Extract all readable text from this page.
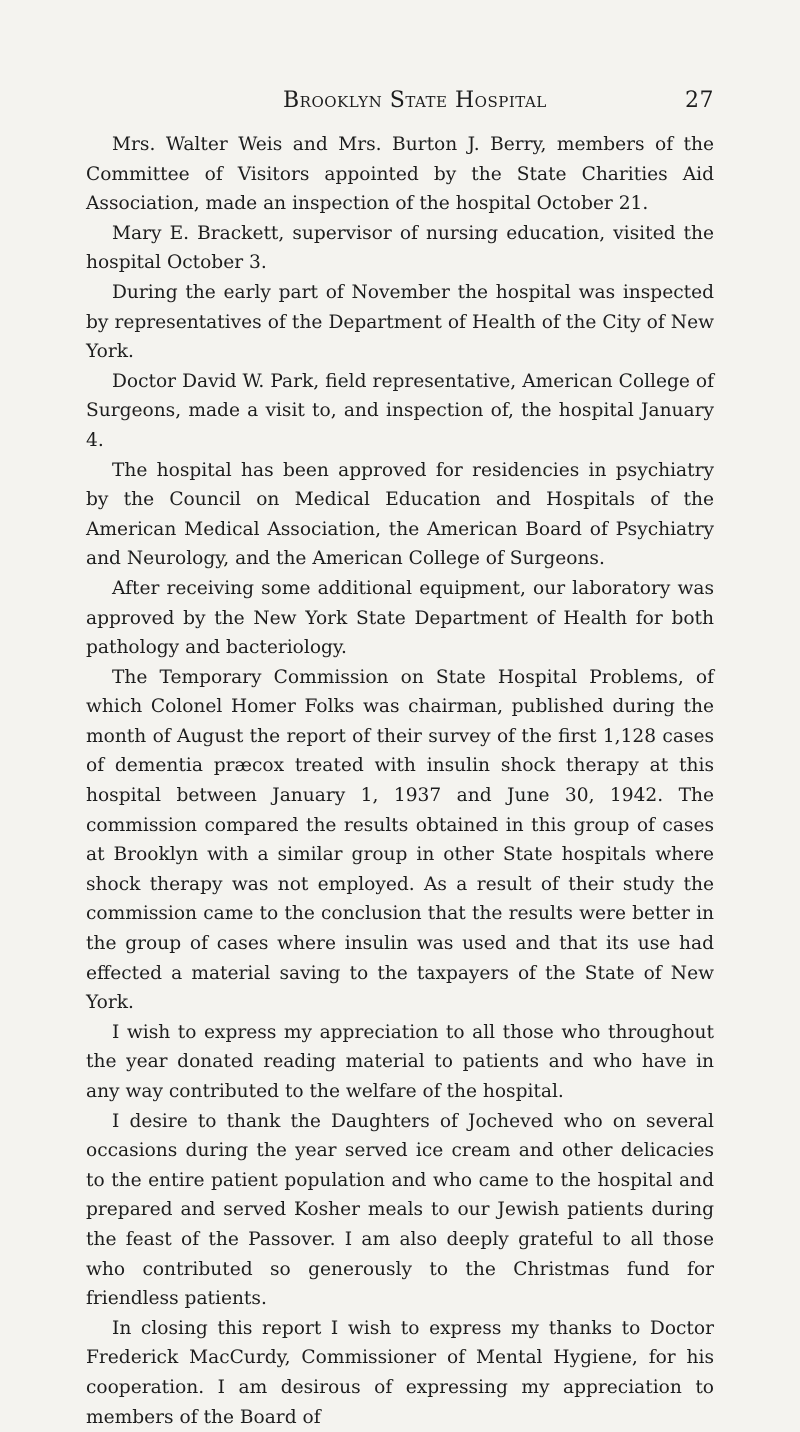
Brooklyn State Hospital	27

Mrs. Walter Weis and Mrs. Burton J. Berry, members of the Committee of Visitors appointed by the State Charities Aid Association, made an inspection of the hospital October 21.

Mary E. Brackett, supervisor of nursing education, visited the hospital October 3.

During the early part of November the hospital was inspected by representatives of the Department of Health of the City of New York.

Doctor David W. Park, field representative, American College of Surgeons, made a visit to, and inspection of, the hospital January 4.

The hospital has been approved for residencies in psychiatry by the Council on Medical Education and Hospitals of the American Medical Association, the American Board of Psychiatry and Neurology, and the American College of Surgeons.

After receiving some additional equipment, our laboratory was approved by the New York State Department of Health for both pathology and bacteriology.

The Temporary Commission on State Hospital Problems, of which Colonel Homer Folks was chairman, published during the month of August the report of their survey of the first 1,128 cases of dementia præcox treated with insulin shock therapy at this hospital between January 1, 1937 and June 30, 1942. The commission compared the results obtained in this group of cases at Brooklyn with a similar group in other State hospitals where shock therapy was not employed. As a result of their study the commission came to the conclusion that the results were better in the group of cases where insulin was used and that its use had effected a material saving to the taxpayers of the State of New York.

I wish to express my appreciation to all those who throughout the year donated reading material to patients and who have in any way contributed to the welfare of the hospital.

I desire to thank the Daughters of Jocheved who on several occasions during the year served ice cream and other delicacies to the entire patient population and who came to the hospital and prepared and served Kosher meals to our Jewish patients during the feast of the Passover. I am also deeply grateful to all those who contributed so generously to the Christmas fund for friendless patients.

In closing this report I wish to express my thanks to Doctor Frederick MacCurdy, Commissioner of Mental Hygiene, for his cooperation. I am desirous of expressing my appreciation to members of the Board of
